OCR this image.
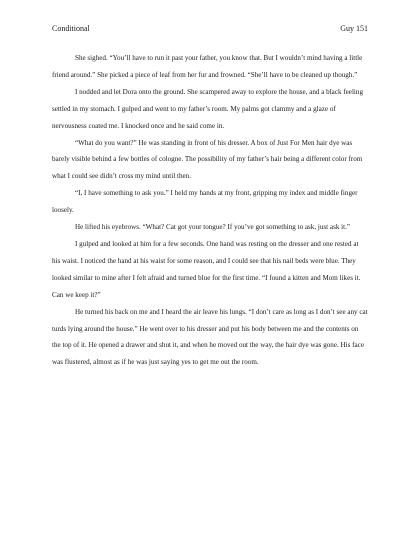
Conditional	Guy 151

She sighed. “You’ll have to run it past your father, you know that. But I wouldn’t mind having a little friend around.” She picked a piece of leaf from her fur and frowned. “She’ll have to be cleaned up though.”

I nodded and let Dora onto the ground. She scampered away to explore the house, and a black feeling settled in my stomach. I gulped and went to my father’s room. My palms got clammy and a glaze of nervousness coated me. I knocked once and he said come in.

“What do you want?” He was standing in front of his dresser. A box of Just For Men hair dye was barely visible behind a few bottles of cologne. The possibility of my father’s hair being a different color from what I could see didn’t cross my mind until then.

“I, I have something to ask you.” I held my hands at my front, gripping my index and middle finger loosely.

He lifted his eyebrows. “What? Cat got your tongue? If you’ve got something to ask, just ask it.”

I gulped and looked at him for a few seconds. One hand was resting on the dresser and one rested at his waist. I noticed the hand at his waist for some reason, and I could see that his nail beds were blue. They looked similar to mine after I felt afraid and turned blue for the first time. “I found a kitten and Mom likes it. Can we keep it?”

He turned his back on me and I heard the air leave his lungs. “I don’t care as long as I don’t see any cat turds lying around the house.” He went over to his dresser and put his body between me and the contents on the top of it. He opened a drawer and shut it, and when he moved out the way, the hair dye was gone. His face was flustered, almost as if he was just saying yes to get me out the room.
